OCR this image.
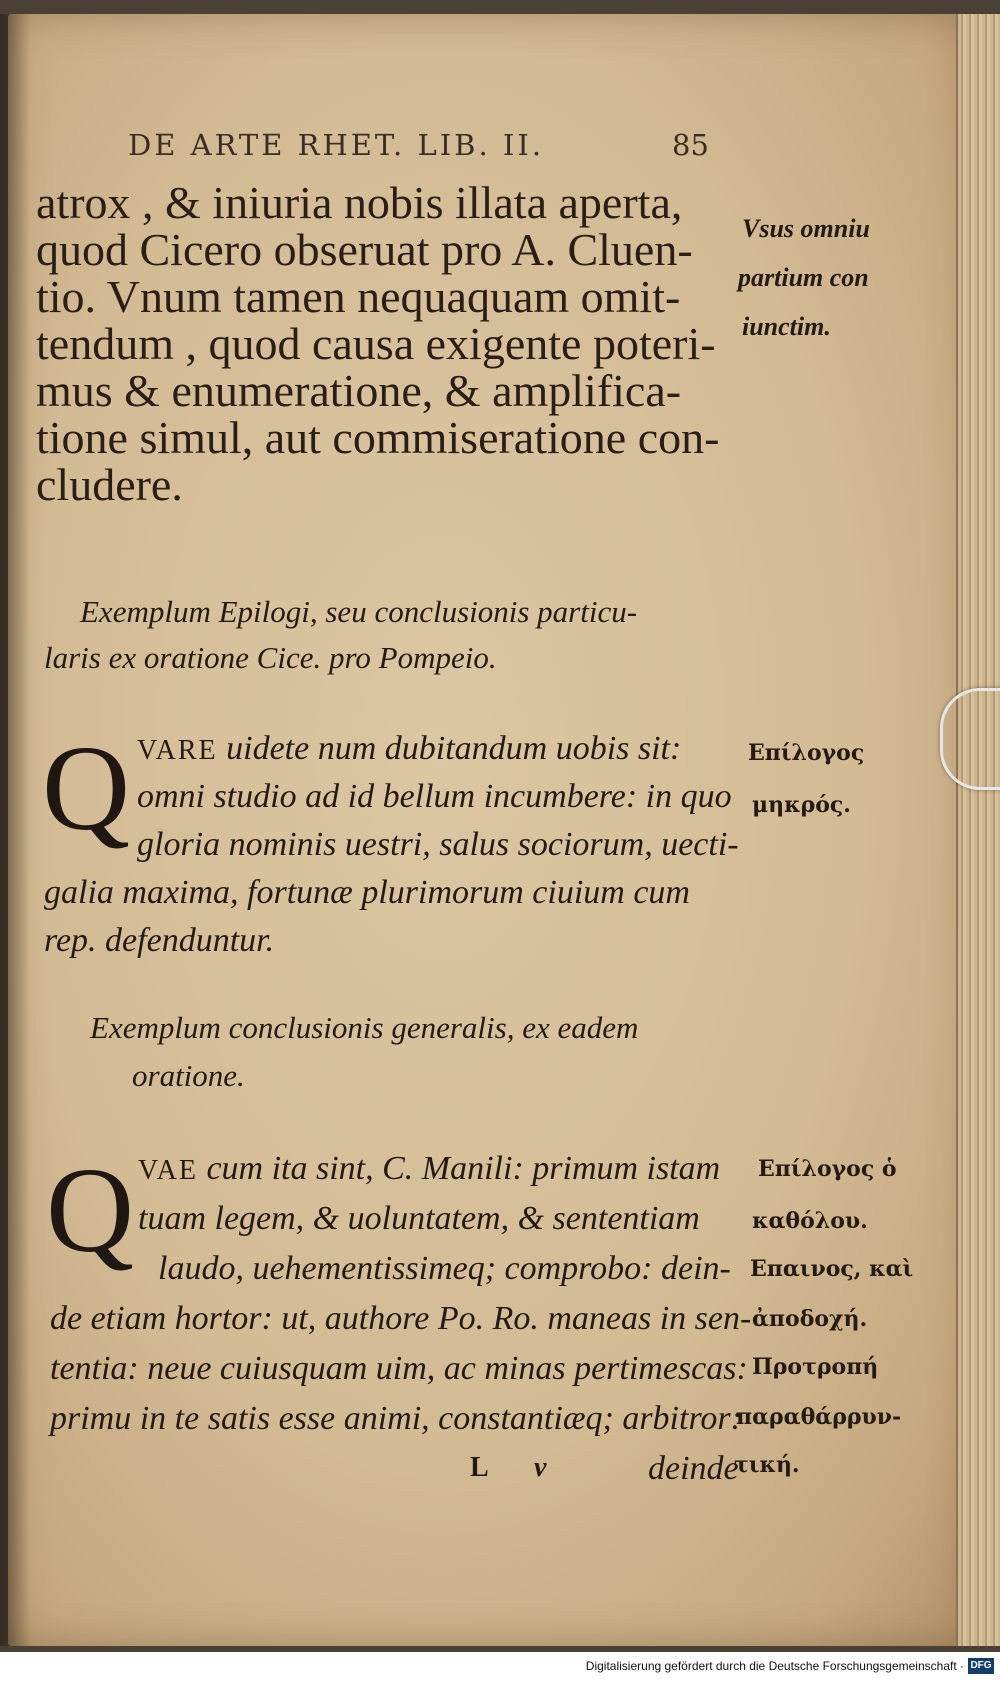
DE ARTE RHET. LIB. II.	85
atrox , & iniuria nobis illata aperta,
quod Cicero obseruat pro A. Cluen-
tio. Vnum tamen nequaquam omit-
tendum , quod causa exigente poteri-
mus & enumeratione, & amplifica-
tione simul, aut commiseratione con-
cludere.
Vsus omniu
partium con
iunctim.
Exemplum Epilogi, seu conclusionis particu-
laris ex oratione Cice. pro Pompeio.
Q VARE uidete num dubitandum uobis sit:
omni studio ad id bellum incumbere: in quo
gloria nominis uestri, salus sociorum, uecti-
galia maxima, fortunæ plurimorum ciuium cum
rep. defenduntur.
Επίλογος
μηκρός.
Exemplum conclusionis generalis, ex eadem
oratione.
Q VAE cum ita sint, C. Manili: primum istam
tuam legem, & uoluntatem, & sententiam
laudo, uehementissimeq; comprobo: dein-
de etiam hortor: ut, authore Po. Ro. maneas in sen-
tentia: neue cuiusquam uim, ac minas pertimescas:
primu in te satis esse animi, constantiæq; arbitror:
Επίλογος ὁ
καθόλου.
Επαινος, καὶ
ἀποδοχή.
Προτροπή
παραθάρρυν-
τική.
L v	deinde
Digitalisierung gefördert durch die Deutsche Forschungsgemeinschaft · DFG
